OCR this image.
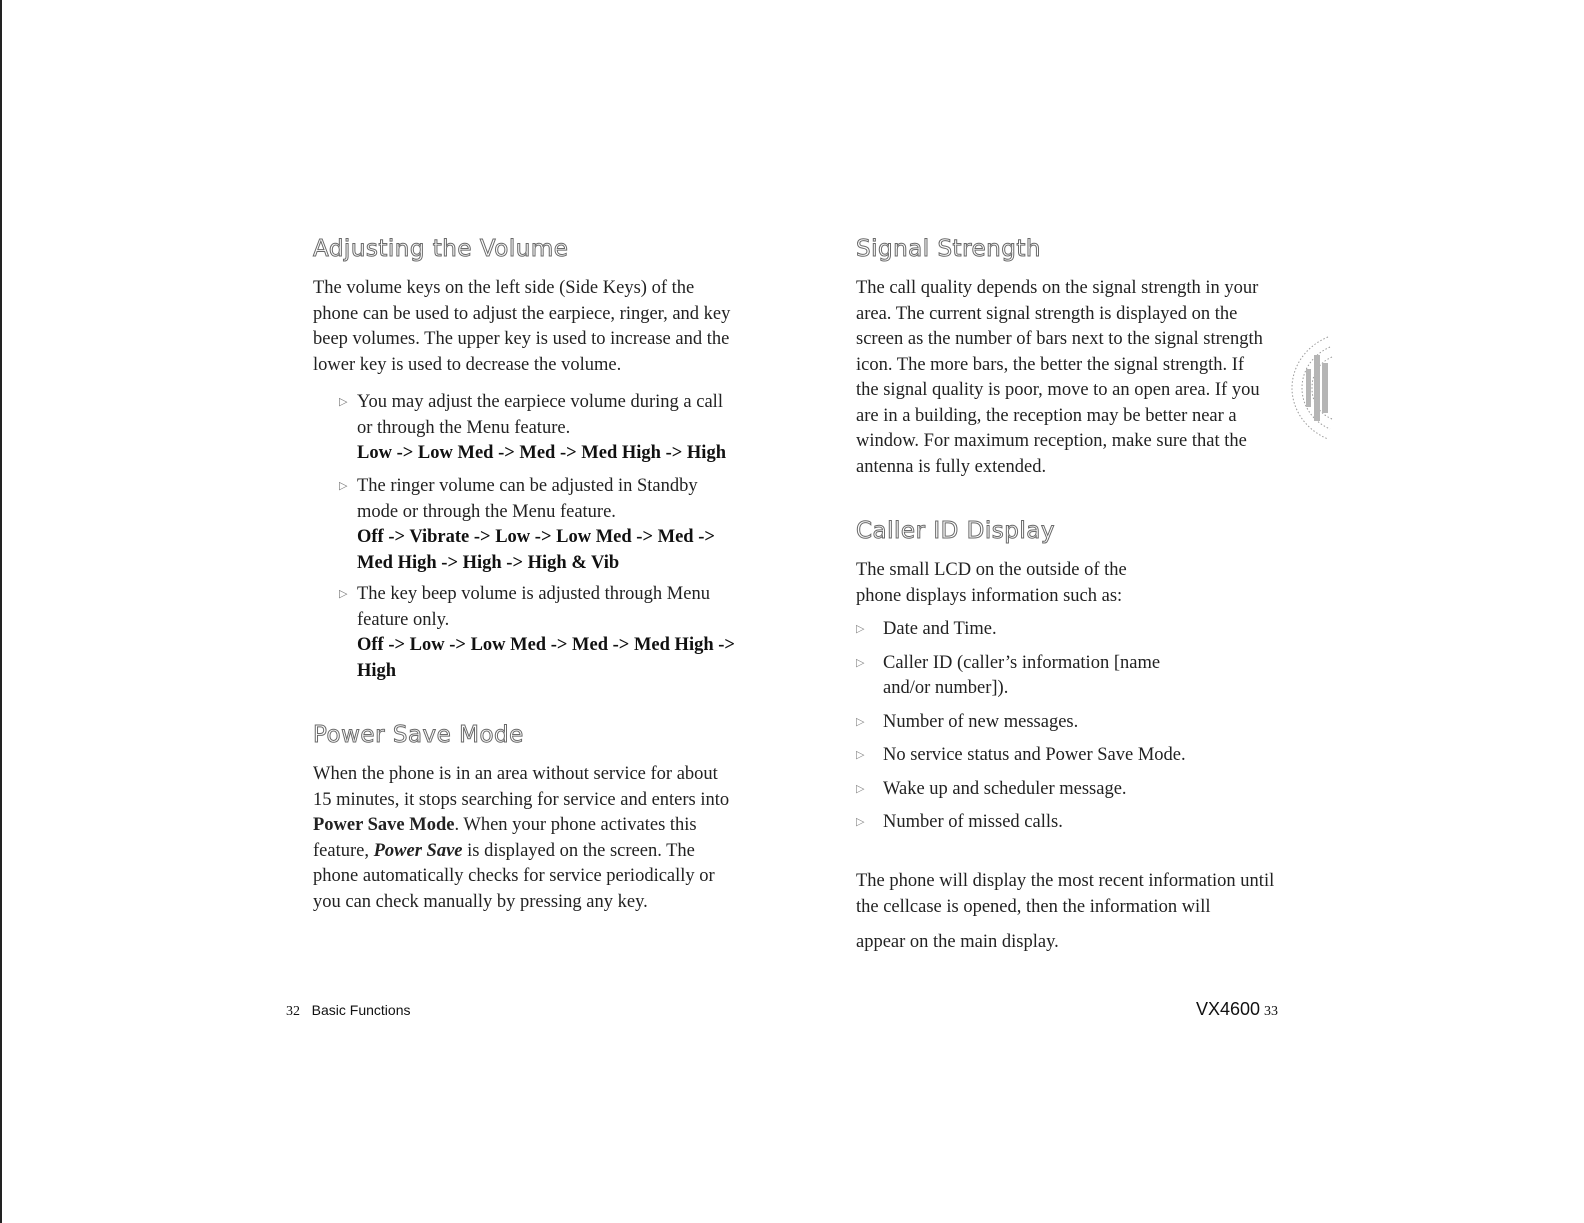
Adjusting the Volume

The volume keys on the left side (Side Keys) of the phone can be used to adjust the earpiece, ringer, and key beep volumes. The upper key is used to increase and the lower key is used to decrease the volume.

▷ You may adjust the earpiece volume during a call or through the Menu feature.
Low -> Low Med -> Med -> Med High -> High
▷ The ringer volume can be adjusted in Standby mode or through the Menu feature.
Off -> Vibrate -> Low -> Low Med -> Med -> Med High -> High -> High & Vib
▷ The key beep volume is adjusted through Menu feature only.
Off -> Low -> Low Med -> Med -> Med High -> High
Power Save Mode

When the phone is in an area without service for about 15 minutes, it stops searching for service and enters into Power Save Mode. When your phone activates this feature, Power Save is displayed on the screen. The phone automatically checks for service periodically or you can check manually by pressing any key.

Signal Strength

The call quality depends on the signal strength in your area. The current signal strength is displayed on the screen as the number of bars next to the signal strength icon. The more bars, the better the signal strength. If the signal quality is poor, move to an open area. If you are in a building, the reception may be better near a window. For maximum reception, make sure that the antenna is fully extended.

Caller ID Display

The small LCD on the outside of the phone displays information such as:

▷ Date and Time.
▷ Caller ID (caller’s information [name and/or number]).
▷ Number of new messages.
▷ No service status and Power Save Mode.
▷ Wake up and scheduler message.
▷ Number of missed calls.

The phone will display the most recent information until the cellcase is opened, then the information will

appear on the main display.

32 Basic Functions	VX4600 33
